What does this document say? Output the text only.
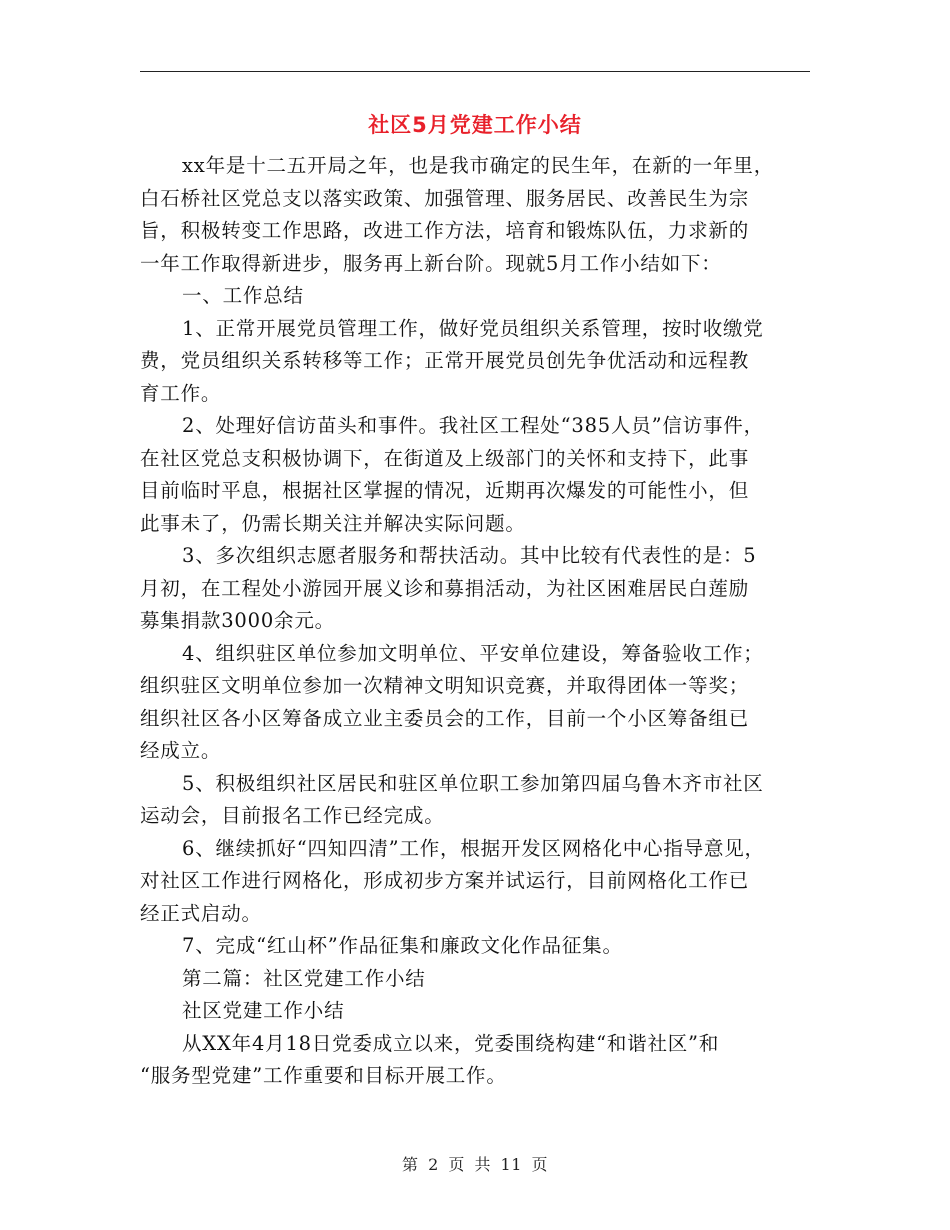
社区5月党建工作小结
xx年是十二五开局之年，也是我市确定的民生年，在新的一年里，
白石桥社区党总支以落实政策、加强管理、服务居民、改善民生为宗
旨，积极转变工作思路，改进工作方法，培育和锻炼队伍，力求新的
一年工作取得新进步，服务再上新台阶。现就5月工作小结如下：
一、工作总结
1、正常开展党员管理工作，做好党员组织关系管理，按时收缴党
费，党员组织关系转移等工作；正常开展党员创先争优活动和远程教
育工作。
2、处理好信访苗头和事件。我社区工程处“385人员”信访事件，
在社区党总支积极协调下，在街道及上级部门的关怀和支持下，此事
目前临时平息，根据社区掌握的情况，近期再次爆发的可能性小，但
此事未了，仍需长期关注并解决实际问题。
3、多次组织志愿者服务和帮扶活动。其中比较有代表性的是：5
月初，在工程处小游园开展义诊和募捐活动，为社区困难居民白莲励
募集捐款3000余元。
4、组织驻区单位参加文明单位、平安单位建设，筹备验收工作；
组织驻区文明单位参加一次精神文明知识竞赛，并取得团体一等奖；
组织社区各小区筹备成立业主委员会的工作，目前一个小区筹备组已
经成立。
5、积极组织社区居民和驻区单位职工参加第四届乌鲁木齐市社区
运动会，目前报名工作已经完成。
6、继续抓好“四知四清”工作，根据开发区网格化中心指导意见，
对社区工作进行网格化，形成初步方案并试运行，目前网格化工作已
经正式启动。
7、完成“红山杯”作品征集和廉政文化作品征集。
第二篇：社区党建工作小结
社区党建工作小结
从XX年4月18日党委成立以来，党委围绕构建“和谐社区”和
“服务型党建”工作重要和目标开展工作。
第 2 页 共 11 页
